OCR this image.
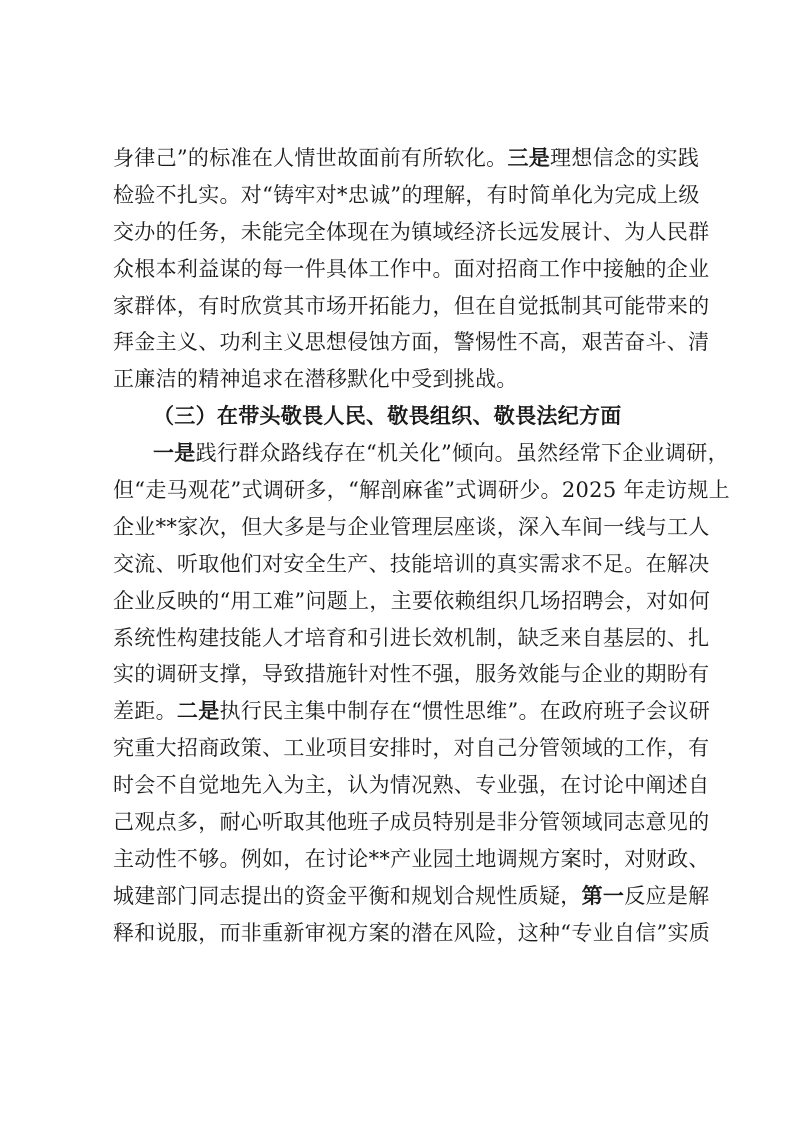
身律己”的标准在人情世故面前有所软化。三是理想信念的实践
检验不扎实。对“铸牢对*忠诚”的理解，有时简单化为完成上级
交办的任务，未能完全体现在为镇域经济长远发展计、为人民群
众根本利益谋的每一件具体工作中。面对招商工作中接触的企业
家群体，有时欣赏其市场开拓能力，但在自觉抵制其可能带来的
拜金主义、功利主义思想侵蚀方面，警惕性不高，艰苦奋斗、清
正廉洁的精神追求在潜移默化中受到挑战。
（三）在带头敬畏人民、敬畏组织、敬畏法纪方面
一是践行群众路线存在“机关化”倾向。虽然经常下企业调研，
但“走马观花”式调研多，“解剖麻雀”式调研少。2025 年走访规上
企业**家次，但大多是与企业管理层座谈，深入车间一线与工人
交流、听取他们对安全生产、技能培训的真实需求不足。在解决
企业反映的“用工难”问题上，主要依赖组织几场招聘会，对如何
系统性构建技能人才培育和引进长效机制，缺乏来自基层的、扎
实的调研支撑，导致措施针对性不强，服务效能与企业的期盼有
差距。二是执行民主集中制存在“惯性思维”。在政府班子会议研
究重大招商政策、工业项目安排时，对自己分管领域的工作，有
时会不自觉地先入为主，认为情况熟、专业强，在讨论中阐述自
己观点多，耐心听取其他班子成员特别是非分管领域同志意见的
主动性不够。例如，在讨论**产业园土地调规方案时，对财政、
城建部门同志提出的资金平衡和规划合规性质疑，第一反应是解
释和说服，而非重新审视方案的潜在风险，这种“专业自信”实质
